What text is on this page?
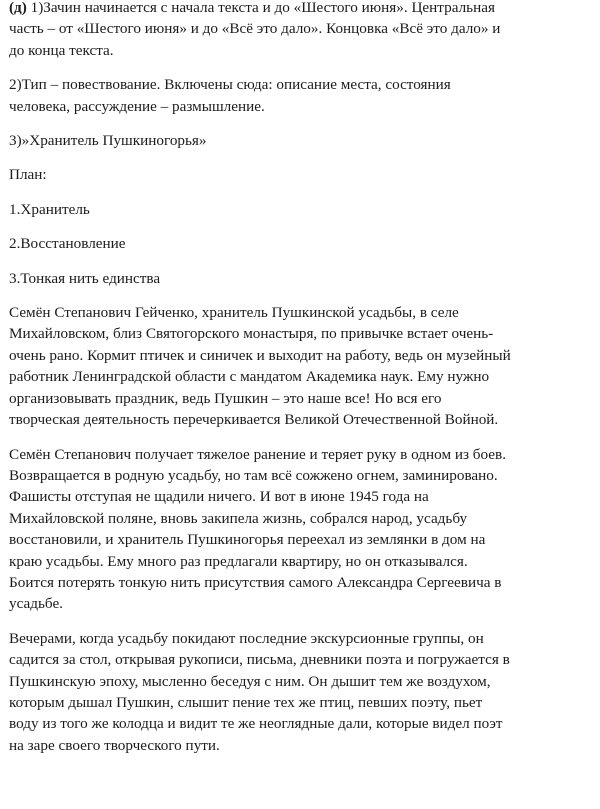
(д) 1)Зачин начинается с начала текста и до «Шестого июня». Центральная
часть – от «Шестого июня» и до «Всё это дало». Концовка «Всё это дало» и
до конца текста.
2)Тип – повествование. Включены сюда: описание места, состояния
человека, рассуждение – размышление.
3)»Хранитель Пушкиногорья»
План:
1.Хранитель
2.Восстановление
3.Тонкая нить единства
Семён Степанович Гейченко, хранитель Пушкинской усадьбы, в селе
Михайловском, близ Святогорского монастыря, по привычке встает очень-
очень рано. Кормит птичек и синичек и выходит на работу, ведь он музейный
работник Ленинградской области с мандатом Академика наук. Ему нужно
организовывать праздник, ведь Пушкин – это наше все! Но вся его
творческая деятельность перечеркивается Великой Отечественной Войной.
Семён Степанович получает тяжелое ранение и теряет руку в одном из боев.
Возвращается в родную усадьбу, но там всё сожжено огнем, заминировано.
Фашисты отступая не щадили ничего. И вот в июне 1945 года на
Михайловской поляне, вновь закипела жизнь, собрался народ, усадьбу
восстановили, и хранитель Пушкиногорья переехал из землянки в дом на
краю усадьбы. Ему много раз предлагали квартиру, но он отказывался.
Боится потерять тонкую нить присутствия самого Александра Сергеевича в
усадьбе.
Вечерами, когда усадьбу покидают последние экскурсионные группы, он
садится за стол, открывая рукописи, письма, дневники поэта и погружается в
Пушкинскую эпоху, мысленно беседуя с ним. Он дышит тем же воздухом,
которым дышал Пушкин, слышит пение тех же птиц, певших поэту, пьет
воду из того же колодца и видит те же неоглядные дали, которые видел поэт
на заре своего творческого пути.
